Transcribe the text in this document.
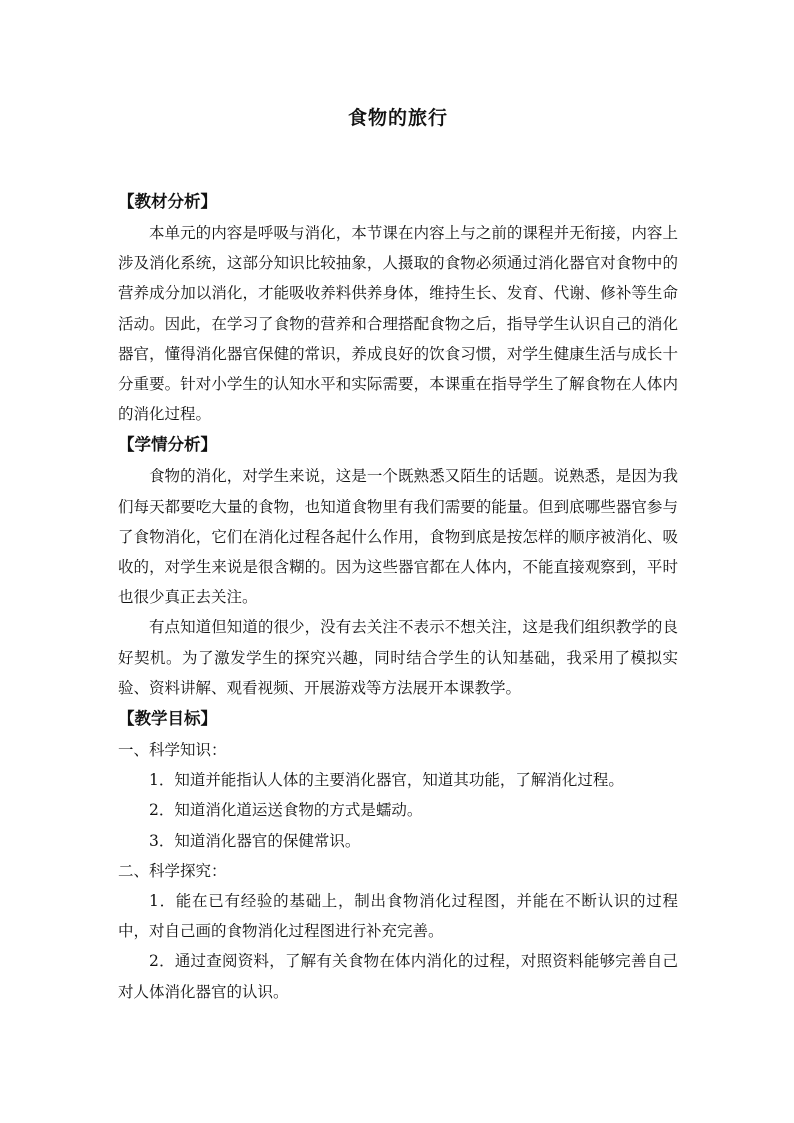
食物的旅行
【教材分析】

本单元的内容是呼吸与消化，本节课在内容上与之前的课程并无衔接，内容上涉及消化系统，这部分知识比较抽象，人摄取的食物必须通过消化器官对食物中的营养成分加以消化，才能吸收养料供养身体，维持生长、发育、代谢、修补等生命活动。因此，在学习了食物的营养和合理搭配食物之后，指导学生认识自己的消化器官，懂得消化器官保健的常识，养成良好的饮食习惯，对学生健康生活与成长十分重要。针对小学生的认知水平和实际需要，本课重在指导学生了解食物在人体内的消化过程。

【学情分析】

食物的消化，对学生来说，这是一个既熟悉又陌生的话题。说熟悉，是因为我们每天都要吃大量的食物，也知道食物里有我们需要的能量。但到底哪些器官参与了食物消化，它们在消化过程各起什么作用，食物到底是按怎样的顺序被消化、吸收的，对学生来说是很含糊的。因为这些器官都在人体内，不能直接观察到，平时也很少真正去关注。

有点知道但知道的很少，没有去关注不表示不想关注，这是我们组织教学的良好契机。为了激发学生的探究兴趣，同时结合学生的认知基础，我采用了模拟实验、资料讲解、观看视频、开展游戏等方法展开本课教学。

【教学目标】

一、科学知识：

1．知道并能指认人体的主要消化器官，知道其功能，了解消化过程。

2．知道消化道运送食物的方式是蠕动。

3．知道消化器官的保健常识。

二、科学探究：

1．能在已有经验的基础上，制出食物消化过程图，并能在不断认识的过程中，对自己画的食物消化过程图进行补充完善。

2．通过查阅资料，了解有关食物在体内消化的过程，对照资料能够完善自己对人体消化器官的认识。
